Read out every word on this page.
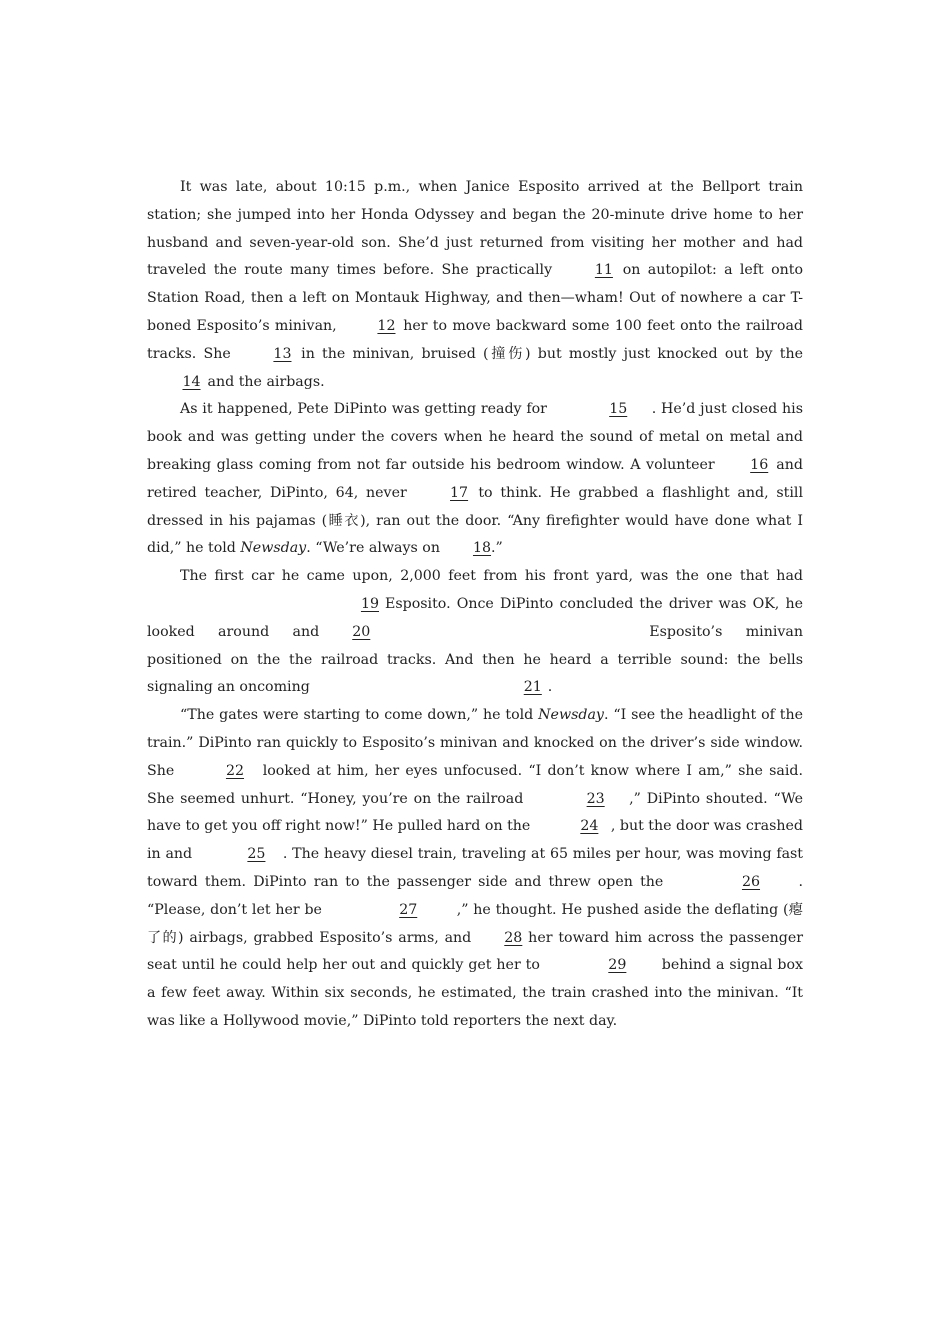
It was late, about 10:15 p.m., when Janice Esposito arrived at the Bellport train station; she jumped into her Honda Odyssey and began the 20-minute drive home to her husband and seven-year-old son. She’d just returned from visiting her mother and had traveled the route many times before. She practically 11 on autopilot: a left onto Station Road, then a left on Montauk Highway, and then—wham! Out of nowhere a car T-boned Esposito’s minivan, 12 her to move backward some 100 feet onto the railroad tracks. She 13 in the minivan, bruised (撞伤) but mostly just knocked out by the 14 and the airbags.

As it happened, Pete DiPinto was getting ready for	15 . He’d just closed his book and was getting under the covers when he heard the sound of metal on metal and breaking glass coming from not far outside his bedroom window. A volunteer 16 and retired teacher, DiPinto, 64, never 17 to think. He grabbed a flashlight and, still dressed in his pajamas (睡衣), ran out the door. “Any firefighter would have done what I did,” he told Newsday. “We’re always on 18.”

The first car he came upon, 2,000 feet from his front yard, was the one that had19 Esposito. Once DiPinto concluded the driver was OK, he looked around and 20	Esposito’s minivan positioned on the the railroad tracks. And then he heard a terrible sound: the bells signaling an oncoming	21 .

“The gates were starting to come down,” he told Newsday. “I see the headlight of the train.” DiPinto ran quickly to Esposito’s minivan and knocked on the driver’s side window. She	22 looked at him, her eyes unfocused. “I don’t know where I am,” she said. She seemed unhurt. “Honey, you’re on the railroad	23 ,” DiPinto shouted. “We have to get you off right now!” He pulled hard on the	24 , but the door was crashed in and	25 . The heavy diesel train, traveling at 65 miles per hour, was moving fast toward them. DiPinto ran to the passenger side and threw open the	26	. “Please, don’t let her be	27	,” he thought. He pushed aside the deflating (瘪了的) airbags, grabbed Esposito’s arms, and 28 her toward him across the passenger seat until he could help her out and quickly get her to	29 behind a signal box a few feet away. Within six seconds, he estimated, the train crashed into the minivan. “It was like a Hollywood movie,” DiPinto told reporters the next day.
